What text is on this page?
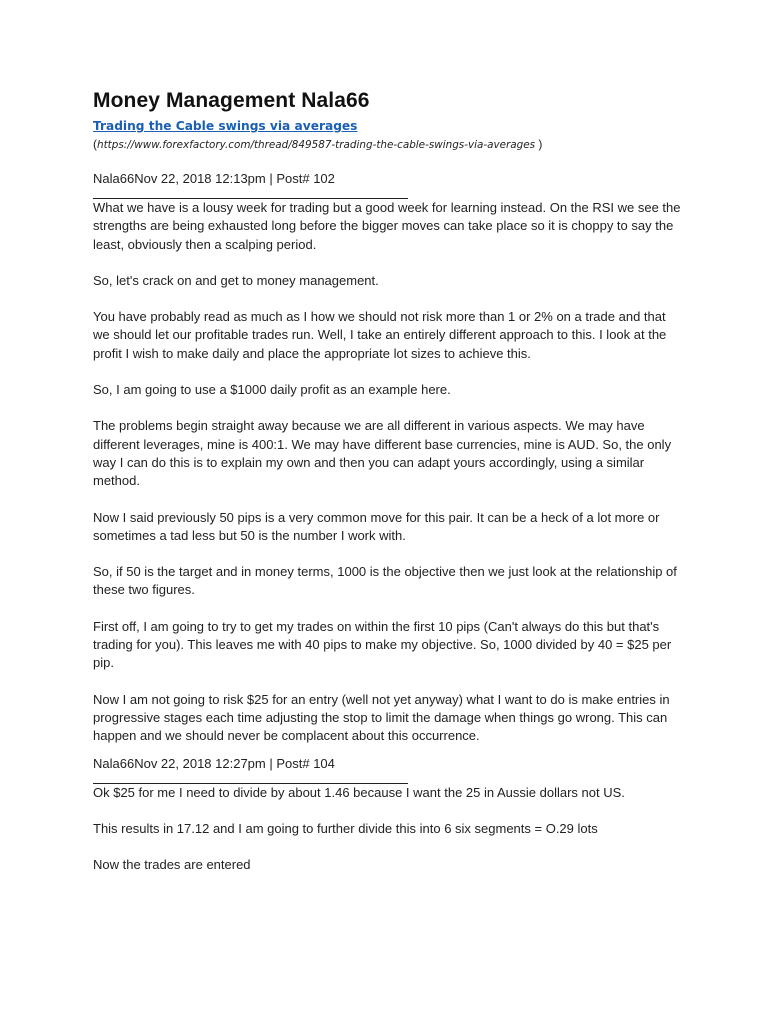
Money Management Nala66
Trading the Cable swings via averages
(https://www.forexfactory.com/thread/849587-trading-the-cable-swings-via-averages )
Nala66Nov 22, 2018 12:13pm | Post# 102

What we have is a lousy week for trading but a good week for learning instead. On the RSI we see the strengths are being exhausted long before the bigger moves can take place so it is choppy to say the least, obviously then a scalping period.

So, let's crack on and get to money management.

You have probably read as much as I how we should not risk more than 1 or 2% on a trade and that we should let our profitable trades run. Well, I take an entirely different approach to this. I look at the profit I wish to make daily and place the appropriate lot sizes to achieve this.

So, I am going to use a $1000 daily profit as an example here.

The problems begin straight away because we are all different in various aspects. We may have different leverages, mine is 400:1. We may have different base currencies, mine is AUD. So, the only way I can do this is to explain my own and then you can adapt yours accordingly, using a similar method.

Now I said previously 50 pips is a very common move for this pair. It can be a heck of a lot more or sometimes a tad less but 50 is the number I work with.

So, if 50 is the target and in money terms, 1000 is the objective then we just look at the relationship of these two figures.

First off, I am going to try to get my trades on within the first 10 pips (Can't always do this but that's trading for you). This leaves me with 40 pips to make my objective. So, 1000 divided by 40 = $25 per pip.

Now I am not going to risk $25 for an entry (well not yet anyway) what I want to do is make entries in progressive stages each time adjusting the stop to limit the damage when things go wrong. This can happen and we should never be complacent about this occurrence.

Nala66Nov 22, 2018 12:27pm | Post# 104

Ok $25 for me I need to divide by about 1.46 because I want the 25 in Aussie dollars not US.

This results in 17.12 and I am going to further divide this into 6 six segments = O.29 lots

Now the trades are entered
